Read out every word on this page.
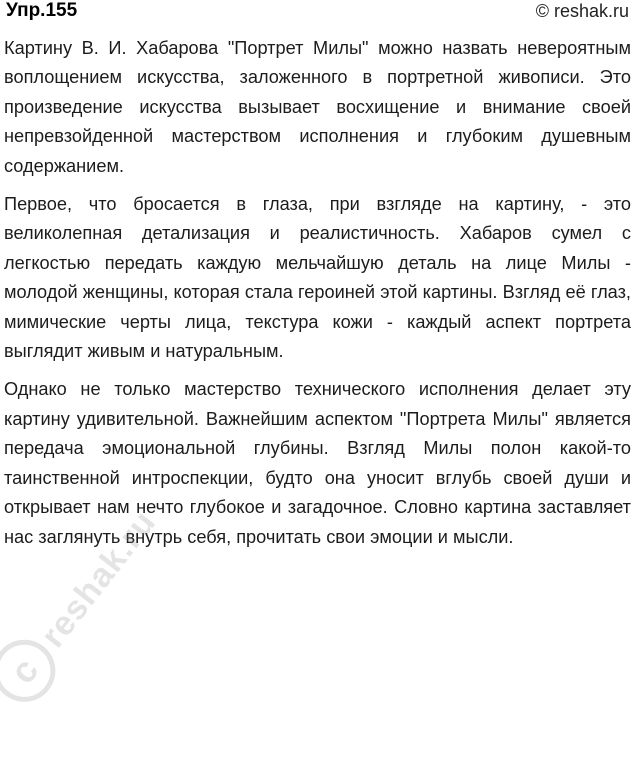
Упр.155	© reshak.ru

Картину В. И. Хабарова "Портрет Милы" можно назвать невероятным воплощением искусства, заложенного в портретной живописи. Это произведение искусства вызывает восхищение и внимание своей непревзойденной мастерством исполнения и глубоким душевным содержанием.

Первое, что бросается в глаза, при взгляде на картину, - это великолепная детализация и реалистичность. Хабаров сумел с легкостью передать каждую мельчайшую деталь на лице Милы - молодой женщины, которая стала героиней этой картины. Взгляд её глаз, мимические черты лица, текстура кожи - каждый аспект портрета выглядит живым и натуральным.

Однако не только мастерство технического исполнения делает эту картину удивительной. Важнейшим аспектом "Портрета Милы" является передача эмоциональной глубины. Взгляд Милы полон какой-то таинственной интроспекции, будто она уносит вглубь своей души и открывает нам нечто глубокое и загадочное. Словно картина заставляет нас заглянуть внутрь себя, прочитать свои эмоции и мысли.

c
reshak.ru
